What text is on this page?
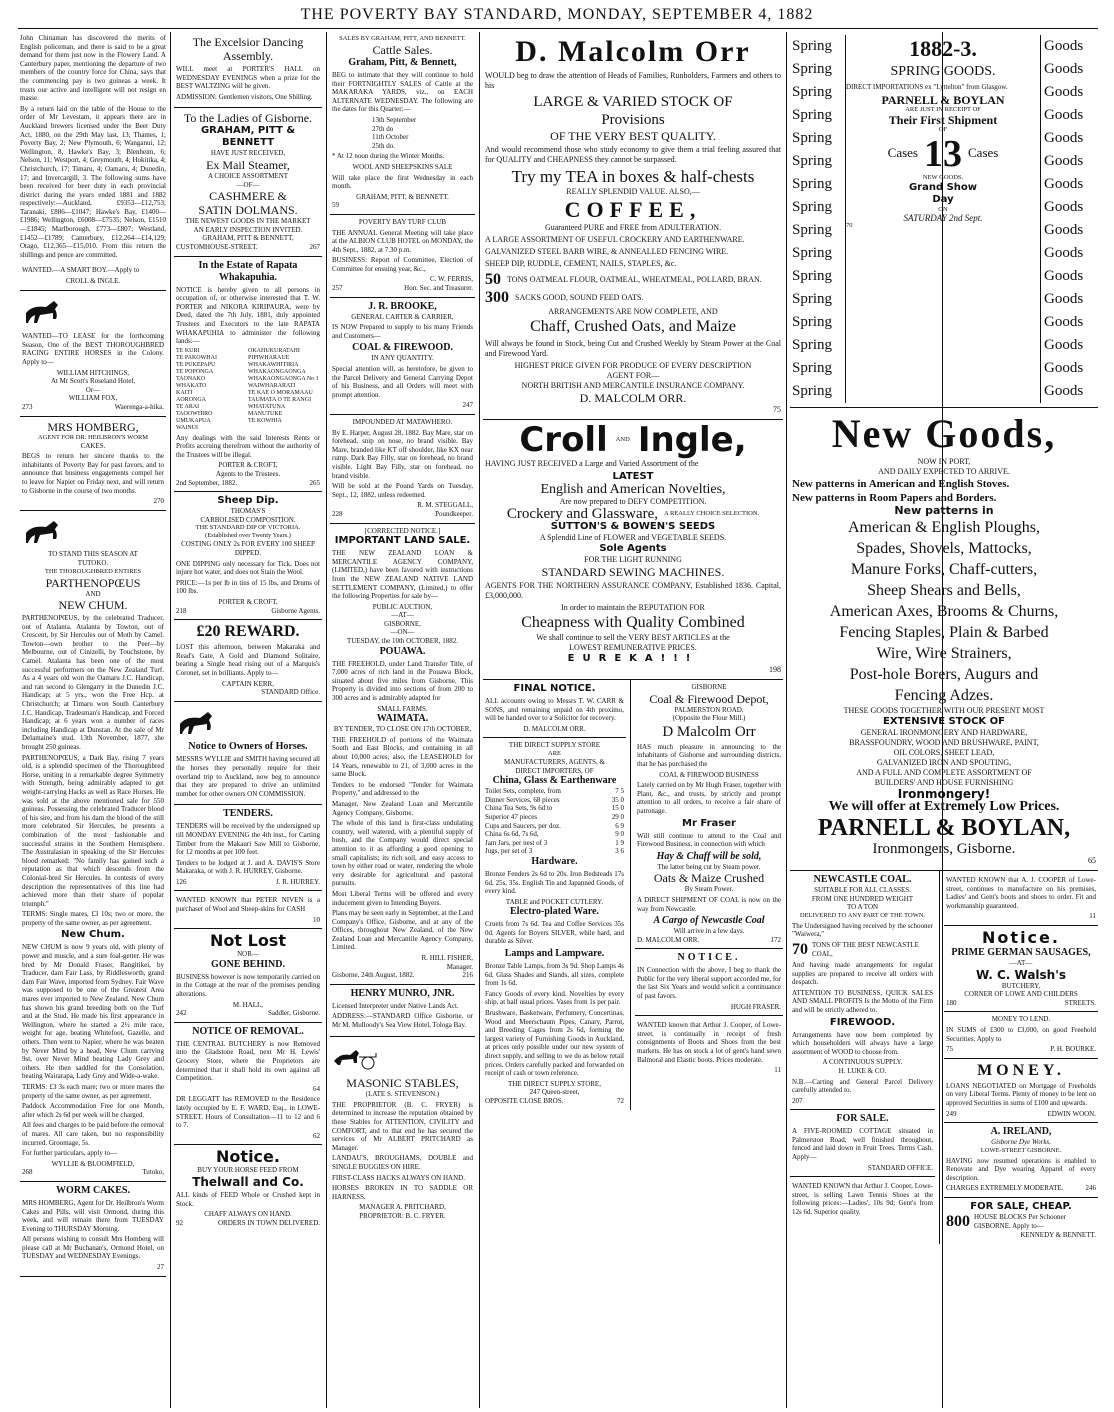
THE POVERTY BAY STANDARD, MONDAY, SEPTEMBER 4, 1882

John Chinaman has discovered the merits of English policeman, and there is said to be a great demand for them just now in the Flowery Land. A Canterbury paper, mentioning the departure of two members of the country force for China, says that the commencing pay is two guineas a week. It trusts our active and intelligent will not resign en masse.

By a return laid on the table of the House to the order of Mr Levestam, it appears there are in Auckland brewers licensed under the Beer Duty Act, 1880, on the 29th May last, 13; Thames, 1; Poverty Bay, 2; New Plymouth, 6; Wanganui, 12; Wellington, 8, Hawke's Bay, 3; Blenheim, 6; Nelson, 11; Westport, 4; Greymouth, 4; Hokitika, 4; Christchurch, 17; Timaru, 4; Oamaru, 4; Dunedin, 17; and Invercargill, 3. The following sums have been received for beer duty in each provincial district during the years ended 1881 and 1882 respectively:—Auckland, £9353—£12,753; Taranaki, £886—£1047; Hawke's Bay, £1400—£1986; Wellington, £6008—£7535; Nelson, £1510—£1845; Marlborough, £773—£807; Westland, £1452—£1789; Canterbury, £12,264—£14,129; Otago, £12,365—£15,010. From this return the shillings and pence are committed.

WANTED.—A SMART BOY.—Apply to

CROLL & INGLE.

WANTED—TO LEASE for the forthcoming Season, One of the BEST THOROUGHBRED RACING ENTIRE HORSES in the Colony. Apply to—

WILLIAM HITCHINGS,
At Mr Scott's Roseland Hotel,
Or—
WILLIAM FOX,
273	Waerenga-a-hika.
MRS HOMBERG,
AGENT FOR DR. HEILBRON'S WORM
CAKES.

BEGS to return her sincere thanks to the inhabitants of Poverty Bay for past favors, and to announce that business engagements compel her to leave for Napier on Friday next, and will return to Gisborne in the course of two months.

270
TO STAND THIS SEASON AT
TUTOKO.
THE THOROUGHBRED ENTIRES
PARTHENOPŒUS
AND
NEW CHUM.

PARTHENOPŒUS, by the celebrated Traducer, out of Atalanta. Atalanta by Towton, out of Crescent, by Sir Hercules out of Moth by Camel. Towton—own brother to the Peer—by Melbourne, out of Cinizelli, by Touchstone, by Camel. Atalanta has been one of the most successful performers on the New Zealand Turf. As a 4 years old won the Oamaru J.C. Handicap, and ran second to Glengarry in the Dunedin J.C. Handicap; at 5 yrs., won the Free Hcp. at Christchurch; at Timaru won South Canterbury J.C. Handicap, Tradesman's Handicap, and Forced Handicap; at 6 years won a number of races including Handicap at Dunstan. At the sale of Mr Delamaine's stud, 13th November, 1877, she brought 250 guineas.

PARTHENOPŒUS, a Dark Bay, rising 7 years old, is a splendid specimen of the Thoroughbred Horse, uniting in a remarkable degree Symmetry with Strength, being admirably adapted to get weight-carrying Hacks as well as Race Horses. He was sold at the above mentioned sale for 550 guineas. Possessing the celebrated Traducer blood of his sire, and from his dam the blood of the still more celebrated Sir Hercules, he presents a combination of the most fashionable and successful strains in the Southern Hemisphere. The Australasian in speaking of the Sir Hercules blood remarked: "No family has gained such a reputation as that which descends from the Colonial-bred Sir Hercules. In contests of every description the representatives of this line had achieved more than their share of popular triumph."

TERMS: Single mares, £3 10s; two or more, the property of the same owner, as per agreement.

New Chum.

NEW CHUM is now 9 years old, with plenty of power and muscle, and a sure foal-getter. He was bred by Mr Donald Fraser, Rangitikei, by Traducer, dam Fair Lass, by Riddlesworth, grand dam Fair Wave, imported from Sydney. Fair Wave was supposed to be one of the Greatest Area mares ever imported to New Zealand. New Chum has shown his grand breeding both on the Turf and at the Stud. He made his first appearance in Wellington, where he started a 2½ mile race, weight for age, beating Whitefoot, Gazelle, and others. Then went to Napier, where he was beaten by Never Mind by a head, New Chum carrying 9st, over Never Mind beating Lady Grey and others. He then saddled for the Consolation, beating Wairarapa, Lady Grey and Wide-a-wake.

TERMS: £3 3s each mare; two or more mares the property of the same owner, as per agreement.

Paddock Accommodation Free for one Month, after which 2s 6d per week will be charged.

All fees and charges to be paid before the removal of mares. All care taken, but no responsibility incurred. Groomage, 5s.

For further particulars, apply to—

WYLLIE & BLOOMFIELD,
268	Tutoko,
WORM CAKES.

MRS HOMBERG, Agent for Dr. Heilbron's Worm Cakes and Pills, will visit Ormond, during this week, and will remain there from TUESDAY Evening to THURSDAY Morning.

All persons wishing to consult Mrs Homberg will please call at Mr Buchanan's, Ormond Hotel, on TUESDAY and WEDNESDAY Evenings.

27
The Excelsior Dancing
Assembly.

WILL meet at PORTER'S HALL on WEDNESDAY EVENINGS when a prize for the BEST WALTZING will be given.

ADMISSION: Gentlemen visitors, One Shilling.

To the Ladies of Gisborne.
GRAHAM, PITT & BENNETT
HAVE JUST RECEIVED,
Ex Mail Steamer,
A CHOICE ASSORTMENT
—OF—
CASHMERE &
SATIN DOLMANS.
THE NEWEST GOODS IN THE MARKET
AN EARLY INSPECTION INVITED.
GRAHAM, PITT & BENNETT,
CUSTOMHOUSE-STREET.	267
In the Estate of Rapata
Whakapuhia.

NOTICE is hereby given to all persons in occupation of, or otherwise interested that T. W. PORTER and NIKORA KIRIPAURA, were by Deed, dated the 7th July, 1881, duly appointed Trustees and Executors to the late RAPATA WHAKAPUHIA to administer the following lands:—

TE KURI	OKAHUKURATAHI
TE PAKOWHAI	PIPIWHARAUE
TE PUKEPAPU	WHAKAWHITIRIA
TE POPONGA	WHAKAONGAONGA
TAONAKO	WHAKAONGAONGA No 1
WHAKATO	WAIWHARARATI
KAITI	TE KAE O MORAMAAU
AORONGA	TAUMATA O TE RANGI
TE ARAI	WHATATUNA
TAOOWHIRO	MANUTUKE
UMUKAPUA	TE KOWHIA
WAINUI

Any dealings with the said Interests Rents or Profits accruing therefrom without the authority of the Trustees will be illegal.

PORTER & CROFT,
Agents to the Trustees.
2nd September, 1882.	265
Sheep Dip.
THOMAS'S
CARBOLISED COMPOSITION.
THE STANDARD DIP OF VICTORIA.
(Established over Twenty Years.)
COSTING ONLY 2s FOR EVERY 100 SHEEP DIPPED.

ONE DIPPING only necessary for Tick. Does not injure hot water, and does not Stain the Wool.

PRICE:—1s per lb in tins of 15 lbs, and Drums of 100 lbs.

PORTER & CROFT,
218	Gisborne Agents.
£20 REWARD.

LOST this afternoon, between Makaraka and Read's Gate, A Gold and Diamond Solitaire, bearing a Single head rising out of a Marquis's Coronet, set in brilliants. Apply to—

CAPTAIN KERR,
STANDARD Office.
Notice to Owners of Horses.

MESSRS WYLLIE and SMITH having secured all the horses they personally require for their overland trip to Auckland, now beg to announce that they are prepared to drive an unlimited number for other owners ON COMMISSION.

TENDERS.

TENDERS will be received by the undersigned up till MONDAY EVENING the 4th inst., for Carting Timber from the Makauri Saw Mill to Gisborne, for 12 months at per 100 feet.

Tenders to be lodged at J. and A. DAVIS'S Store Makaraka, or with J. R. HURREY, Gisborne.

126	J. R. HURREY.

WANTED KNOWN that PETER NIVEN is a purchaser of Wool and Sheep-skins for CASH

10
Not Lost
NOR—
GONE BEHIND.

BUSINESS however is now temporarily carried on in the Cottage at the rear of the premises pending alterations.

M. HALL,
242	Saddler, Gisborne.
NOTICE OF REMOVAL.

THE CENTRAL BUTCHERY is now Removed into the Gladstone Road, next Mr H. Lewis' Grocery Store, where the Proprietors are determined that it shall hold its own against all Competition.

64

DR LEGGATT has REMOVED to the Residence lately occupied by E. F. WARD, Esq., in LOWE-STREET. Hours of Consultation—11 to 12 and 6 to 7.

62
Notice.
BUY YOUR HORSE FEED FROM
Thelwall and Co.

ALL kinds of FEED Whole or Crushed kept in Stock.

CHAFF ALWAYS ON HAND.
92	ORDERS IN TOWN DELIVERED.
SALES BY GRAHAM, PITT, AND BENNETT.
Cattle Sales.
Graham, Pitt, & Bennett,

BEG to intimate that they will continue to hold their FORTNIGHTLY SALES of Cattle at the MAKARAKA YARDS, viz., on EACH ALTERNATE WEDNESDAY. The following are the dates for this Quarter:—

13th September
27th do
11th October
25th do.

* At 12 noon during the Winter Months.

WOOL AND SHEEPSKINS SALE

Will take place the first Wednesday in each month.

GRAHAM, PITT, & BENNETT.
59
POVERTY BAY TURF CLUB

THE ANNUAL General Meeting will take place at the ALBION CLUB HOTEL on MONDAY, the 4th Sept., 1882, at 7.30 p.m.

BUSINESS: Report of Committee, Election of Committee for ensuing year, &c.,

C. W. FERRIS,
257	Hon. Sec. and Treasurer.
J. R. BROOKE,
GENERAL CARTER & CARRIER,

IS NOW Prepared to supply to his many Friends and Customers—

COAL & FIREWOOD.
IN ANY QUANTITY.

Special attention will, as heretofore, be given to the Parcel Delivery and General Carrying Depot of his Business, and all Orders will meet with prompt attention.

247
IMPOUNDED AT MATAWHERO.

By E. Harper, August 28, 1882. Bay Mare, star on forehead, snip on nose, no brand visible. Bay Mare, branded like KT off shoulder, like KX near rump. Dark Bay Filly, star on forehead, no brand visible. Light Bay Filly, star on forehead, no brand visible.

Will be sold at the Pound Yards on Tuesday, Sept., 12, 1882, unless redeemed.

R. M. STEGGALL,
228	Poundkeeper.
[CORRECTED NOTICE.]
IMPORTANT LAND SALE.

THE NEW ZEALAND LOAN & MERCANTILE AGENCY COMPANY, (LIMITED,) have been favored with instructions from the NEW ZEALAND NATIVE LAND SETTLEMENT COMPANY, (Limited,) to offer the following Properties for sale by—

PUBLIC AUCTION,
—AT—
GISBORNE,
—ON—
TUESDAY, the 10th OCTOBER, 1882.
POUAWA.

THE FREEHOLD, under Land Transfer Title, of 7,000 acres of rich land in the Pouawa Block, situated about five miles from Gisborne. This Property is divided into sections of from 200 to 300 acres and is admirably adapted for

SMALL FARMS.
WAIMATA.
BY TENDER, TO CLOSE ON 17th OCTOBER,

THE FREEHOLD of portions of the Waimata South and East Blocks, and containing in all about 10,000 acres; also, the LEASEHOLD for 14 Years, renewable to 21, of 3,000 acres in the same Block.

Tenders to be endorsed "Tender for Waimata Property," and addressed to the

Manager, New Zealand Loan and Mercantile Agency Company, Gisborne.

The whole of this land is first-class undulating country, well watered, with a plentiful supply of bush, and the Company would direct special attention to it as affording a good opening to small capitalists; its rich soil, and easy access to town by either road or water, rendering the whole very desirable for agricultural and pastoral pursuits.

Most Liberal Terms will be offered and every inducement given to Intending Buyers.

Plans may be seen early in September, at the Land Company's Office, Gisborne, and at any of the Offices, throughout New Zealand, of the New Zealand Loan and Mercantile Agency Company, Limited.

R. HILL FISHER,
Manager.
Gisborne, 24th August, 1882.	216
HENRY MUNRO, JNR.

Licensed Interpreter under Native Lands Act.

ADDRESS:—STANDARD Office Gisborne, or Mr M. Mulloody's Sea View Hotel, Tologa Bay.

MASONIC STABLES,
(LATE S. STEVENSON.)

THE PROPRIETOR (B. C. FRYER) is determined to increase the reputation obtained by these Stables for ATTENTION, CIVILITY and COMFORT, and to that end he has secured the services of Mr ALBERT PRITCHARD as Manager.

LANDAU'S, BROUGHAMS, DOUBLE and SINGLE BUGGIES ON HIRE.

FIRST-CLASS HACKS ALWAYS ON HAND.

HORSES BROKEN IN TO SADDLE OR HARNESS.

MANAGER A. PRITCHARD,
PROPRIETOR: B. C. FRYER.
D. Malcolm Orr

WOULD beg to draw the attention of Heads of Families, Runholders, Farmers and others to his

LARGE & VARIED STOCK OF
Provisions
OF THE VERY BEST QUALITY.

And would recommend those who study economy to give them a trial feeling assured that for QUALITY and CHEAPNESS they cannot be surpassed.

Try my TEA in boxes & half-chests
REALLY SPLENDID VALUE. ALSO,—
COFFEE,
Guaranteed PURE and FREE from ADULTERATION.

A LARGE ASSORTMENT OF USEFUL CROCKERY AND EARTHENWARE.

GALVANIZED STEEL BARB WIRE, & ANNEALLED FENCING WIRE.

SHEEP DIP, RUDDLE, CEMENT, NAILS, STAPLES, &c.

50 TONS OATMEAL FLOUR, OATMEAL, WHEATMEAL, POLLARD, BRAN.
300 SACKS GOOD, SOUND FEED OATS.
ARRANGEMENTS ARE NOW COMPLETE, AND
Chaff, Crushed Oats, and Maize

Will always be found in Stock, being Cut and Crushed Weekly by Steam Power at the Coal and Firewood Yard.

HIGHEST PRICE GIVEN FOR PRODUCE OF EVERY DESCRIPTION
AGENT FOR—
NORTH BRITISH AND MERCANTILE INSURANCE COMPANY.
D. MALCOLM ORR.
75
Croll AND Ingle,

HAVING JUST RECEIVED a Large and Varied Assortment of the

LATEST
English and American Novelties,
Are now prepared to DEFY COMPETITION.
Crockery and Glassware, A REALLY CHOICE SELECTION.
SUTTON'S & BOWEN'S SEEDS
A Splendid Line of FLOWER and VEGETABLE SEEDS.
Sole Agents
FOR THE LIGHT RUNNING
STANDARD SEWING MACHINES.

AGENTS FOR THE NORTHERN ASSURANCE COMPANY, Established 1836. Capital, £3,000,000.

In order to maintain the REPUTATION FOR
Cheapness with Quality Combined
We shall continue to sell the VERY BEST ARTICLES at the
LOWEST REMUNERATIVE PRICES.
EUREKA!!!
198
FINAL NOTICE.

ALL accounts owing to Messrs T. W. CARR & SONS, and remaining unpaid on 4th proximo, will be handed over to a Solicitor for recovery.

D. MALCOLM ORR.
THE DIRECT SUPPLY STORE
ARE
MANUFACTURERS, AGENTS, &
DIRECT IMPORTERS, OF
China, Glass & Earthenware
Toilet Sets, complete, from	7 5
Dinner Services, 68 pieces	35 0
China Tea Sets, 9s 6d to	15 0
Superior 47 pieces	29 0
Cups and Saucers, per doz.	6 9
China 6s 6d, 7s 6d,	9 0
Jam Jars, per nest of 3	1 9
Jugs, per set of 3	3 6
Hardware.

Bronze Fenders 2s 6d to 20s. Iron Bedsteads 17s 6d, 25s, 35s. English Tin and Japanned Goods, of every kind.

TABLE and POCKET CUTLERY.
Electro-plated Ware.

Cruets from 7s 6d. Tea and Coffee Services 35s 0d. Agents for Boyers SILVER, while hard, and durable as Silver.

Lamps and Lampware.

Bronze Table Lamps, from 3s 9d. Shop Lamps 4s 6d. Glass Shades and Stands, all sizes, complete from 1s 6d.

Fancy Goods of every kind. Novelties by every ship, at half usual prices. Vases from 1s per pair.

Brushware, Basketware, Perfumery, Concertinas, Wood and Meerschaum Pipes, Canary, Parrot, and Breeding Cages from 2s 6d, forming the largest variety of Furnishing Goods in Auckland, at prices only possible under our new system of direct supply, and selling to we do as below retail prices. Orders carefully packed and forwarded on receipt of cash or town reference.

THE DIRECT SUPPLY STORE,
247 Queen-street,
OPPOSITE CLOSE BROS.	72
GISBORNE
Coal & Firewood Depot,
PALMERSTON ROAD.
(Opposite the Flour Mill.)
D Malcolm Orr

HAS much pleasure in announcing to the inhabitants of Gisborne and surrounding districts, that he has purchased the

COAL & FIREWOOD BUSINESS

Lately carried on by Mr Hugh Fraser, together with Plant, &c., and trusts, by strictly and prompt attention to all orders, to receive a fair share of patronage.

Mr Fraser

Will still continue to attend to the Coal and Firewood Business, in connection with which

Hay & Chaff will be sold,
The latter being cut by Steam power.
Oats & Maize Crushed
By Steam Power.

A DIRECT SHIPMENT OF COAL is now on the way from Newcastle.

A Cargo of Newcastle Coal
Will arrive in a few days.
D. MALCOLM ORR.	172
NOTICE.

IN Connection with the above, I beg to thank the Public for the very liberal support accorded me, for the last Six Years and would solicit a continuance of past favors.

HUGH FRASER.

WANTED known that Arthur J. Cooper, of Lowe-street, is continually in receipt of fresh consignments of Boots and Shoes from the best markets. He has on stock a lot of gent's hand sewn Balmoral and Elastic boots. Prices moderate.

11
Spring
Spring
Spring
Spring
Spring
Spring
Spring
Spring
Spring
Spring
Spring
Spring
Spring
Spring
Spring
Spring
1882-3.
SPRING GOODS.

DIRECT IMPORTATIONS ex "Lyttelton" from Glasgow.

PARNELL & BOYLAN
ARE JUST IN RECEIPT OF
Their First Shipment
OF
Cases 13 Cases
NEW GOODS.
Grand Show
Day
ON
SATURDAY 2nd Sept.
70
Goods
Goods
Goods
Goods
Goods
Goods
Goods
Goods
Goods
Goods
Goods
Goods
Goods
Goods
Goods
Goods
New Goods,
NOW IN PORT,
AND DAILY EXPECTED TO ARRIVE.
New patterns in American and English Stoves.
New patterns in Room Papers and Borders.
New patterns in
American & English Ploughs,
Spades, Shovels, Mattocks,
Manure Forks, Chaff-cutters,
Sheep Shears and Bells,
American Axes, Brooms & Churns,
Fencing Staples, Plain & Barbed
Wire, Wire Strainers,
Post-hole Borers, Augurs and
Fencing Adzes.
THESE GOODS TOGETHER WITH OUR PRESENT MOST
EXTENSIVE STOCK OF
GENERAL IRONMONGERY AND HARDWARE,
BRASSFOUNDRY, WOOD AND BRUSHWARE, PAINT,
OIL COLORS, SHEET LEAD,
GALVANIZED IRON AND SPOUTING,
AND A FULL AND COMPLETE ASSORTMENT OF
BUILDERS' AND HOUSE FURNISHING
Ironmongery!
We will offer at Extremely Low Prices.
PARNELL & BOYLAN,
Ironmongers, Gisborne.
65
NEWCASTLE COAL.
SUITABLE FOR ALL CLASSES.
FROM ONE HUNDRED WEIGHT
TO A TON
DELIVERED TO ANY PART OF THE TOWN.

The Undersigned having received by the schooner "Waiwera,"

70 TONS OF THE BEST NEWCASTLE COAL,

And having made arrangements for regular supplies are prepared to receive all orders with despatch.

ATTENTION TO BUSINESS, QUICK SALES AND SMALL PROFITS Is the Motto of the Firm and will be strictly adhered to.

FIREWOOD.

Arrangements have now been completed by which householders will always have a large assortment of WOOD to choose from.

A CONTINUOUS SUPPLY.
H. LUKE & CO.

N.B.—Carting and General Parcel Delivery carefully attended to.

207
FOR SALE.

A FIVE-ROOMED COTTAGE situated in Palmerston Road, well finished throughout, fenced and laid down in Fruit Trees. Terms Cash. Apply—

STANDARD OFFICE.

WANTED KNOWN that Arthur J. Cooper, Lowe-street, is selling Lawn Tennis Shoes at the following prices:—Ladies', 10s 9d; Gent's from 12s 6d. Superior quality.

WANTED KNOWN that A. J. COOPER of Lowe-street, continues to manufacture on his premises, Ladies' and Gent's boots and shoes to order. Fit and workmanship guaranteed.

11
Notice.
PRIME GERMAN SAUSAGES,
—AT—
W. C. Walsh's
BUTCHERY,
CORNER OF LOWE AND CHILDERS
180	STREETS.
MONEY TO LEND.

IN SUMS of £300 to £3,000, on good Freehold Securities. Apply to

75	P. H. BOURKE.
MONEY.

LOANS NEGOTIATED on Mortgage of Freeholds on very Liberal Terms. Plenty of money to be lent on approved Securities in sums of £100 and upwards.

249	EDWIN WOON.
A. IRELAND,
Gisborne Dye Works,
LOWE-STREET GISBORNE.

HAVING now resumed operations is enabled to Renovate and Dye wearing Apparel of every description.

CHARGES EXTREMELY MODERATE.	246
FOR SALE, CHEAP.
800 HOUSE BLOCKS Per Schooner GISBORNE. Apply to—
KENNEDY & BENNETT.
